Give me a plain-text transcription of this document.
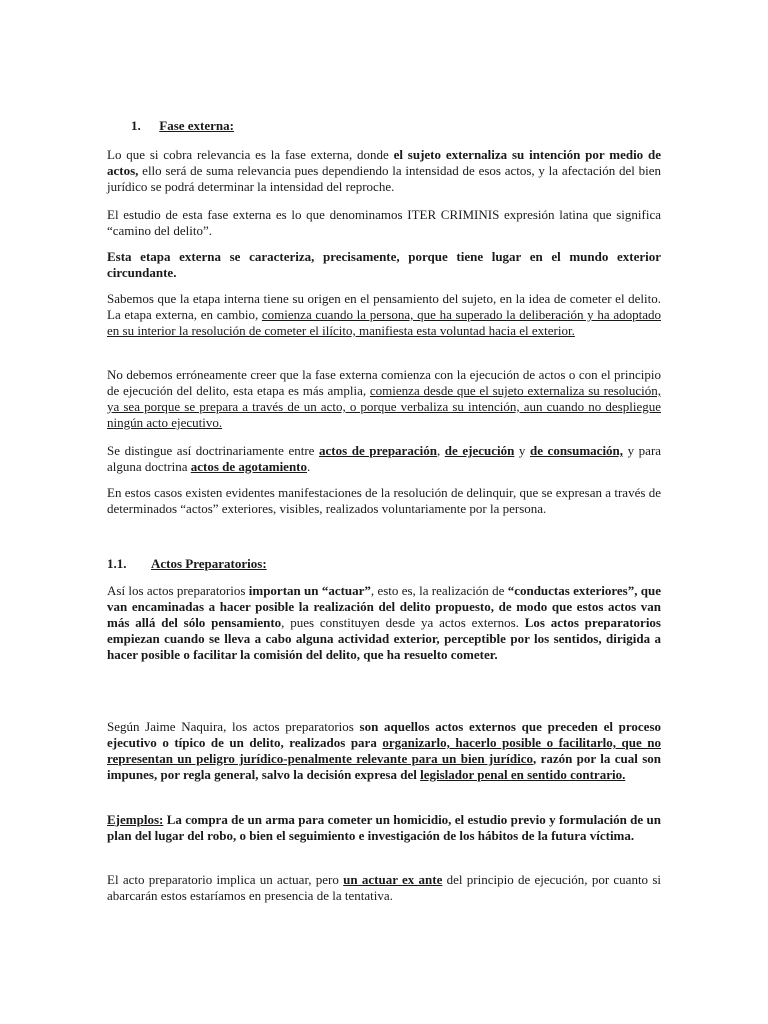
1. Fase externa:

Lo que si cobra relevancia es la fase externa, donde el sujeto externaliza su intención por medio de actos, ello será de suma relevancia pues dependiendo la intensidad de esos actos, y la afectación del bien jurídico se podrá determinar la intensidad del reproche.

El estudio de esta fase externa es lo que denominamos ITER CRIMINIS expresión latina que significa “camino del delito”.

Esta etapa externa se caracteriza, precisamente, porque tiene lugar en el mundo exterior circundante.

Sabemos que la etapa interna tiene su origen en el pensamiento del sujeto, en la idea de cometer el delito. La etapa externa, en cambio, comienza cuando la persona, que ha superado la deliberación y ha adoptado en su interior la resolución de cometer el ilícito, manifiesta esta voluntad hacia el exterior.

No debemos erróneamente creer que la fase externa comienza con la ejecución de actos o con el principio de ejecución del delito, esta etapa es más amplia, comienza desde que el sujeto externaliza su resolución, ya sea porque se prepara a través de un acto, o porque verbaliza su intención, aun cuando no despliegue ningún acto ejecutivo.

Se distingue así doctrinariamente entre actos de preparación, de ejecución y de consumación, y para alguna doctrina actos de agotamiento.

En estos casos existen evidentes manifestaciones de la resolución de delinquir, que se expresan a través de determinados “actos” exteriores, visibles, realizados voluntariamente por la persona.

1.1. Actos Preparatorios:

Así los actos preparatorios importan un “actuar”, esto es, la realización de “conductas exteriores”, que van encaminadas a hacer posible la realización del delito propuesto, de modo que estos actos van más allá del sólo pensamiento, pues constituyen desde ya actos externos. Los actos preparatorios empiezan cuando se lleva a cabo alguna actividad exterior, perceptible por los sentidos, dirigida a hacer posible o facilitar la comisión del delito, que ha resuelto cometer.

Según Jaime Naquira, los actos preparatorios son aquellos actos externos que preceden el proceso ejecutivo o típico de un delito, realizados para organizarlo, hacerlo posible o facilitarlo, que no representan un peligro jurídico-penalmente relevante para un bien jurídico, razón por la cual son impunes, por regla general, salvo la decisión expresa del legislador penal en sentido contrario.

Ejemplos: La compra de un arma para cometer un homicidio, el estudio previo y formulación de un plan del lugar del robo, o bien el seguimiento e investigación de los hábitos de la futura víctima.

El acto preparatorio implica un actuar, pero un actuar ex ante del principio de ejecución, por cuanto si abarcarán estos estaríamos en presencia de la tentativa.
